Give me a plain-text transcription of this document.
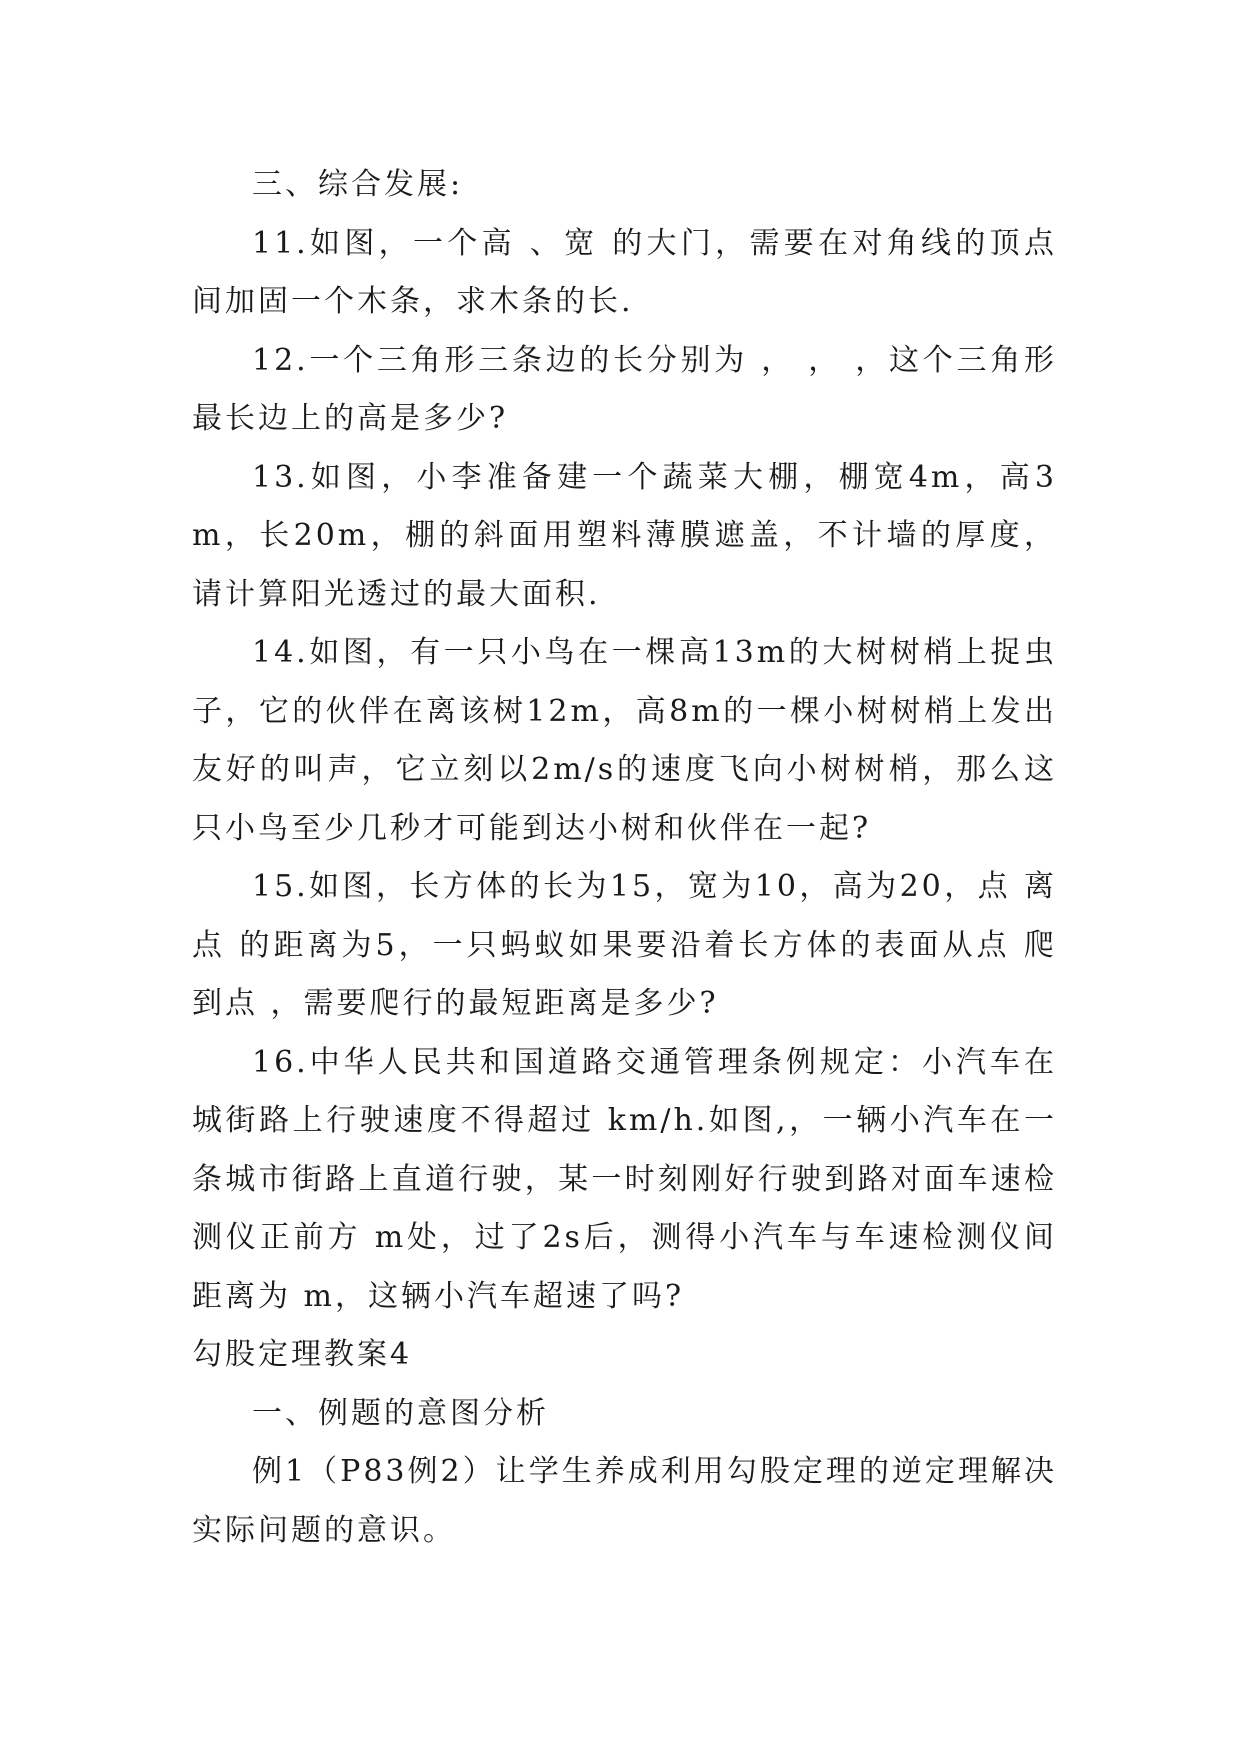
三、综合发展:

11.如图，一个高 、宽 的大门，需要在对角线的顶点间加固一个木条，求木条的长.

12.一个三角形三条边的长分别为 ， ， ，这个三角形最长边上的高是多少?

13.如图，小李准备建一个蔬菜大棚，棚宽4m，高3m，长20m，棚的斜面用塑料薄膜遮盖，不计墙的厚度，请计算阳光透过的最大面积.

14.如图，有一只小鸟在一棵高13m的大树树梢上捉虫子，它的伙伴在离该树12m，高8m的一棵小树树梢上发出友好的叫声，它立刻以2m/s的速度飞向小树树梢，那么这只小鸟至少几秒才可能到达小树和伙伴在一起?

15.如图，长方体的长为15，宽为10，高为20，点 离点 的距离为5，一只蚂蚁如果要沿着长方体的表面从点 爬到点 ，需要爬行的最短距离是多少?

16.中华人民共和国道路交通管理条例规定：小汽车在城街路上行驶速度不得超过 km/h.如图,，一辆小汽车在一条城市街路上直道行驶，某一时刻刚好行驶到路对面车速检测仪正前方 m处，过了2s后，测得小汽车与车速检测仪间距离为 m，这辆小汽车超速了吗?

勾股定理教案4

一、例题的意图分析

例1（P83例2）让学生养成利用勾股定理的逆定理解决实际问题的意识。
